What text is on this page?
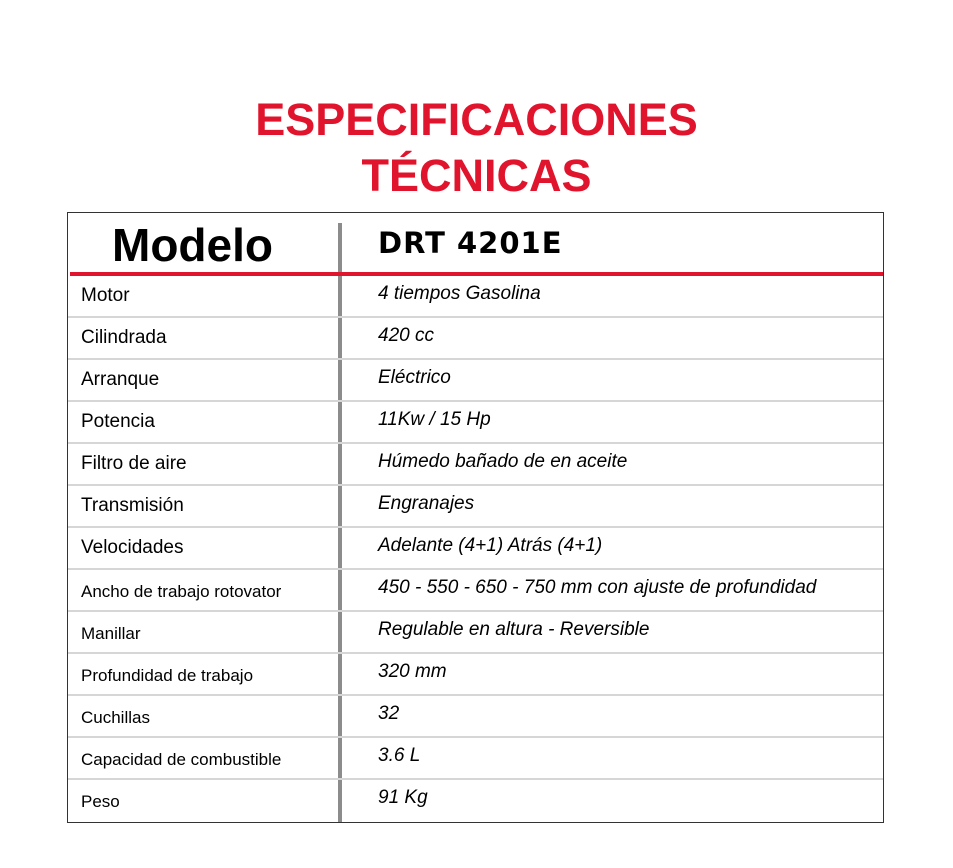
ESPECIFICACIONES
TÉCNICAS
Modelo	DRT 4201E
Motor	4 tiempos Gasolina
Cilindrada	420 cc
Arranque	Eléctrico
Potencia	11Kw / 15 Hp
Filtro de aire	Húmedo bañado de en aceite
Transmisión	Engranajes
Velocidades	Adelante (4+1) Atrás (4+1)
Ancho de trabajo rotovator	450 - 550 - 650 - 750 mm con ajuste de profundidad
Manillar	Regulable en altura - Reversible
Profundidad de trabajo	320 mm
Cuchillas	32
Capacidad de combustible	3.6 L
Peso	91 Kg
